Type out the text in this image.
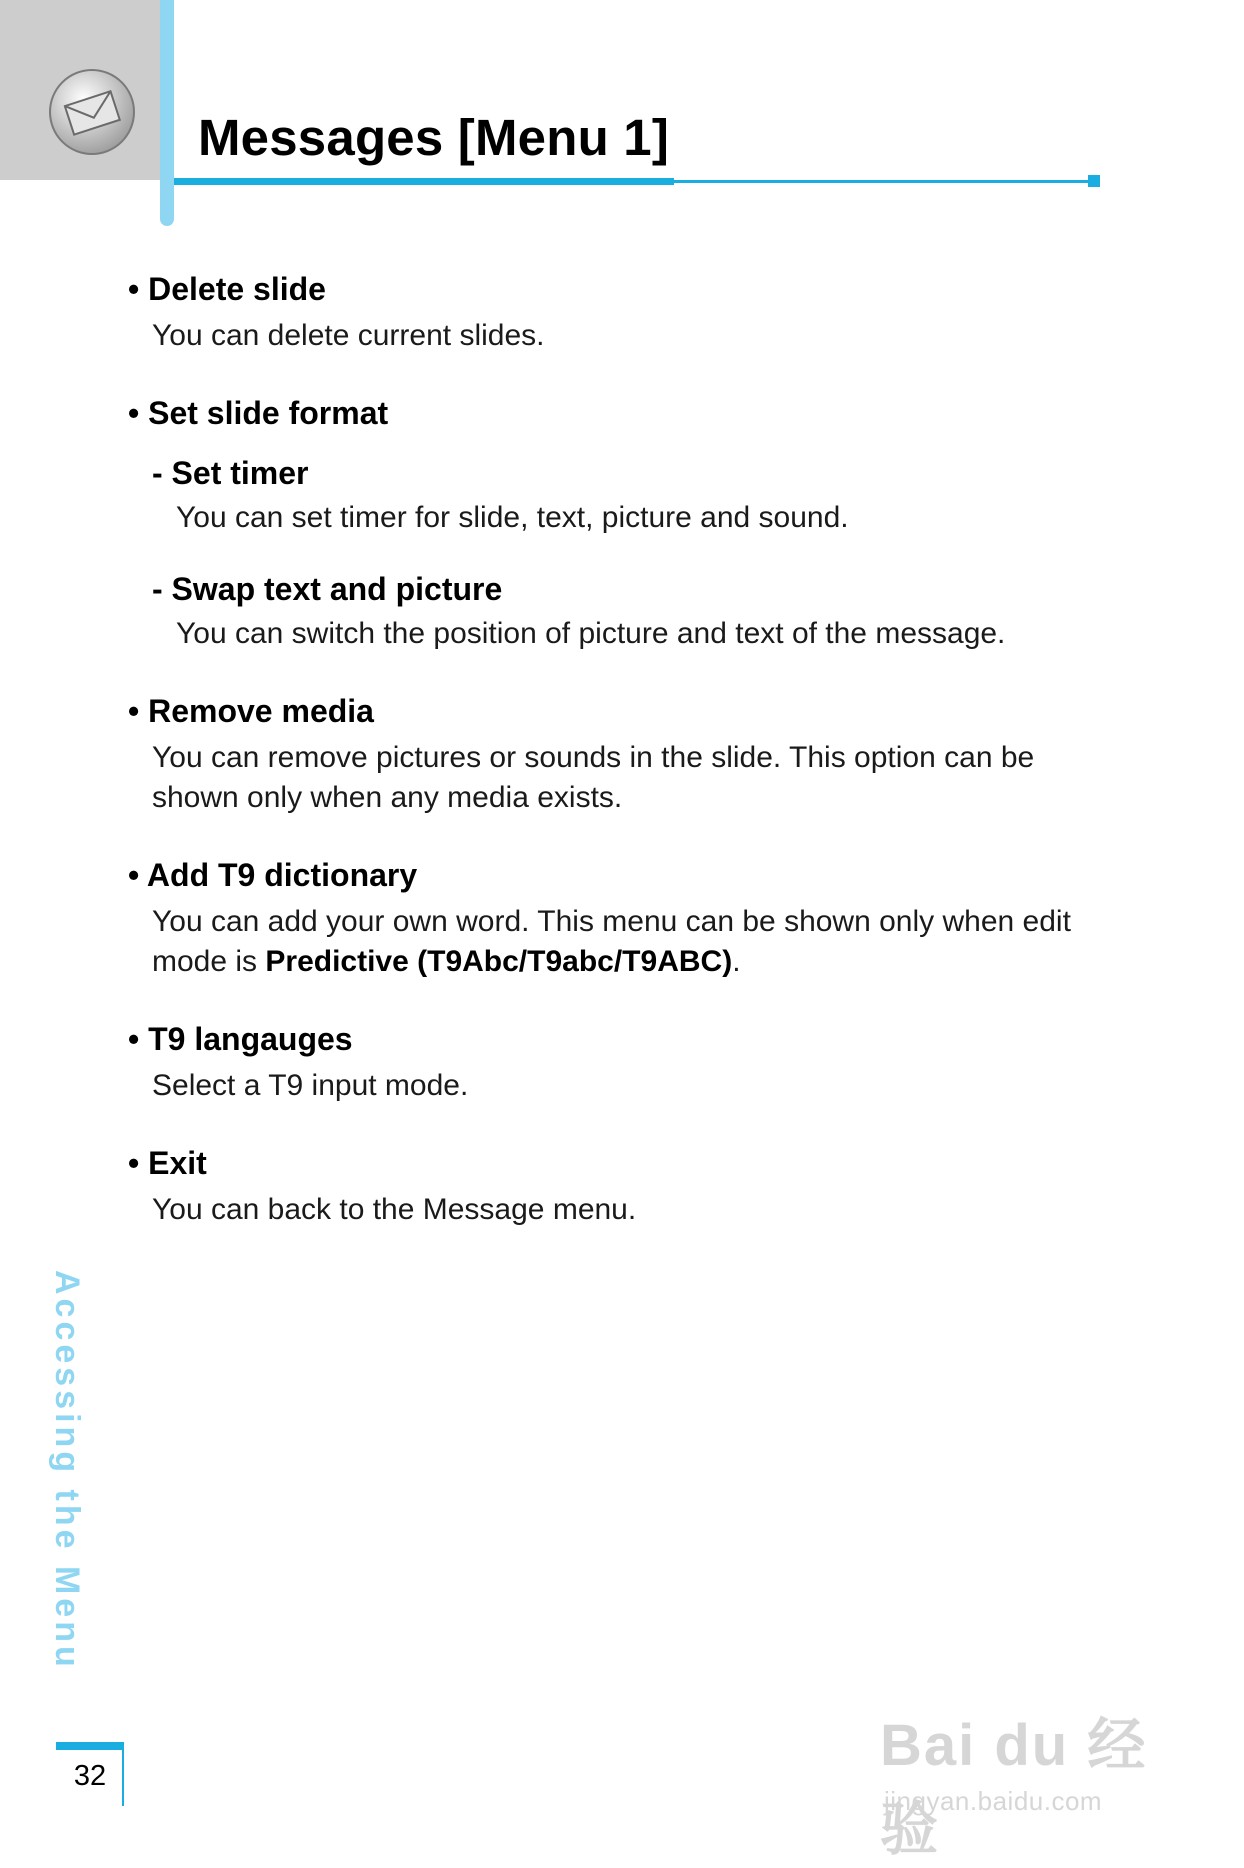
Messages [Menu 1]
• Delete slide
You can delete current slides.
• Set slide format
- Set timer
You can set timer for slide, text, picture and sound.
- Swap text and picture
You can switch the position of picture and text of the message.
• Remove media
You can remove pictures or sounds in the slide. This option can be shown only when any media exists.
• Add T9 dictionary
You can add your own word. This menu can be shown only when edit mode is Predictive (T9Abc/T9abc/T9ABC).
• T9 langauges
Select a T9 input mode.
• Exit
You can back to the Message menu.
Accessing the Menu
32	Bai du 经验
jingyan.baidu.com
